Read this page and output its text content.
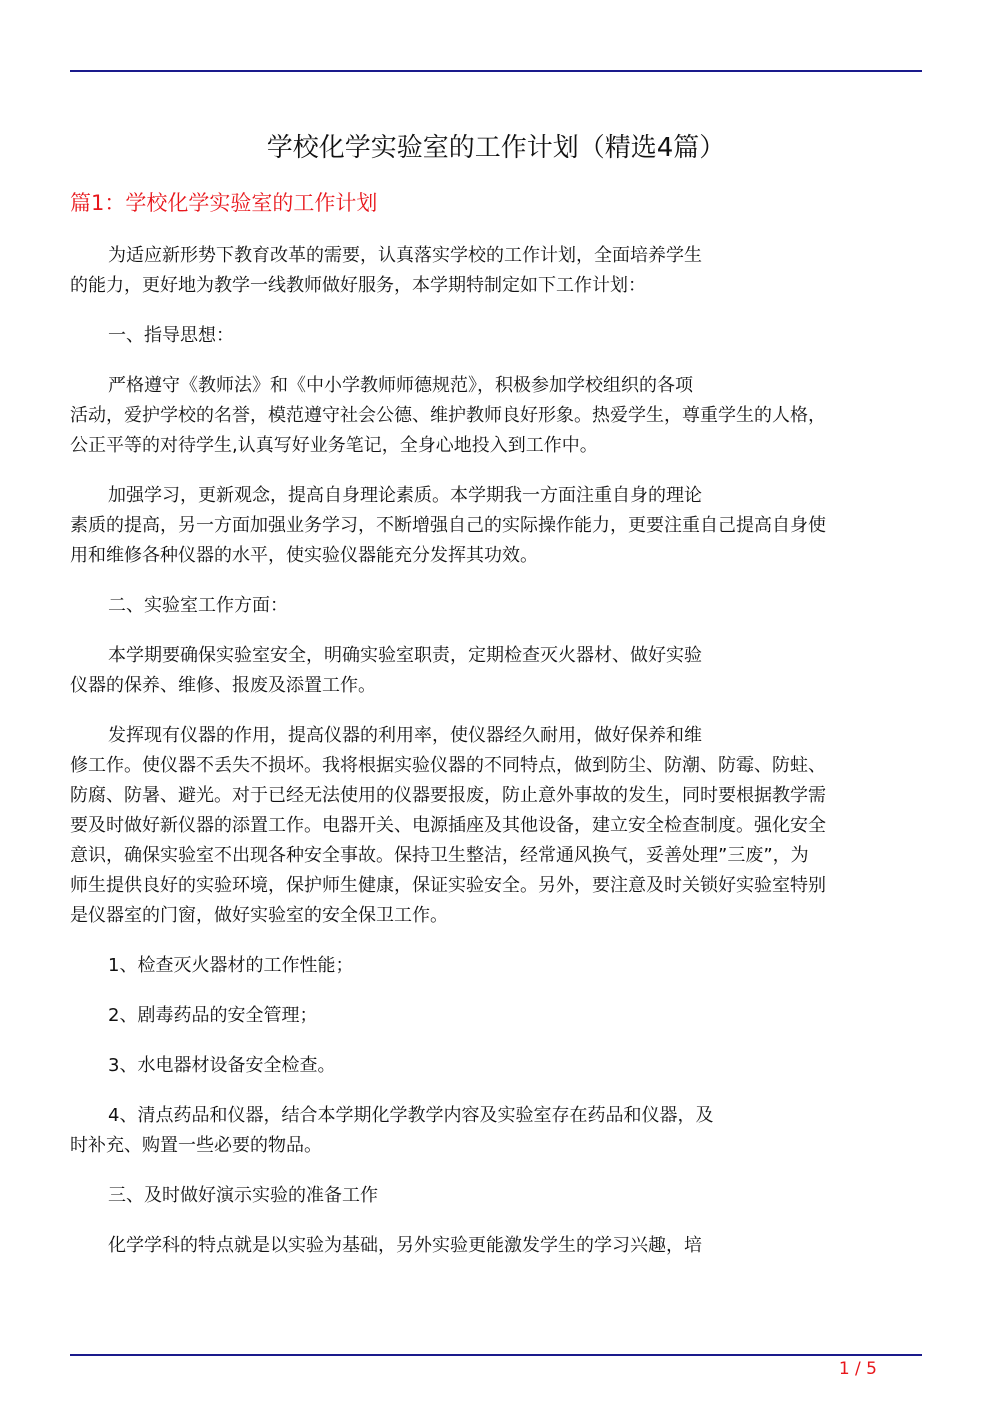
学校化学实验室的工作计划（精选4篇）
篇1：学校化学实验室的工作计划
为适应新形势下教育改革的需要，认真落实学校的工作计划，全面培养学生
的能力，更好地为教学一线教师做好服务，本学期特制定如下工作计划：
一、指导思想：
严格遵守《教师法》和《中小学教师师德规范》，积极参加学校组织的各项
活动，爱护学校的名誉，模范遵守社会公德、维护教师良好形象。热爱学生，尊重学生的人格，
公正平等的对待学生,认真写好业务笔记，全身心地投入到工作中。
加强学习，更新观念，提高自身理论素质。本学期我一方面注重自身的理论
素质的提高，另一方面加强业务学习，不断增强自己的实际操作能力，更要注重自己提高自身使
用和维修各种仪器的水平，使实验仪器能充分发挥其功效。
二、实验室工作方面：
本学期要确保实验室安全，明确实验室职责，定期检查灭火器材、做好实验
仪器的保养、维修、报废及添置工作。
发挥现有仪器的作用，提高仪器的利用率，使仪器经久耐用，做好保养和维
修工作。使仪器不丢失不损坏。我将根据实验仪器的不同特点，做到防尘、防潮、防霉、防蛀、
防腐、防暑、避光。对于已经无法使用的仪器要报废，防止意外事故的发生，同时要根据教学需
要及时做好新仪器的添置工作。电器开关、电源插座及其他设备，建立安全检查制度。强化安全
意识，确保实验室不出现各种安全事故。保持卫生整洁，经常通风换气，妥善处理”三废”，为
师生提供良好的实验环境，保护师生健康，保证实验安全。另外，要注意及时关锁好实验室特别
是仪器室的门窗，做好实验室的安全保卫工作。
1、检查灭火器材的工作性能；
2、剧毒药品的安全管理；
3、水电器材设备安全检查。
4、清点药品和仪器，结合本学期化学教学内容及实验室存在药品和仪器，及
时补充、购置一些必要的物品。
三、及时做好演示实验的准备工作
化学学科的特点就是以实验为基础，另外实验更能激发学生的学习兴趣，培
1 / 5
